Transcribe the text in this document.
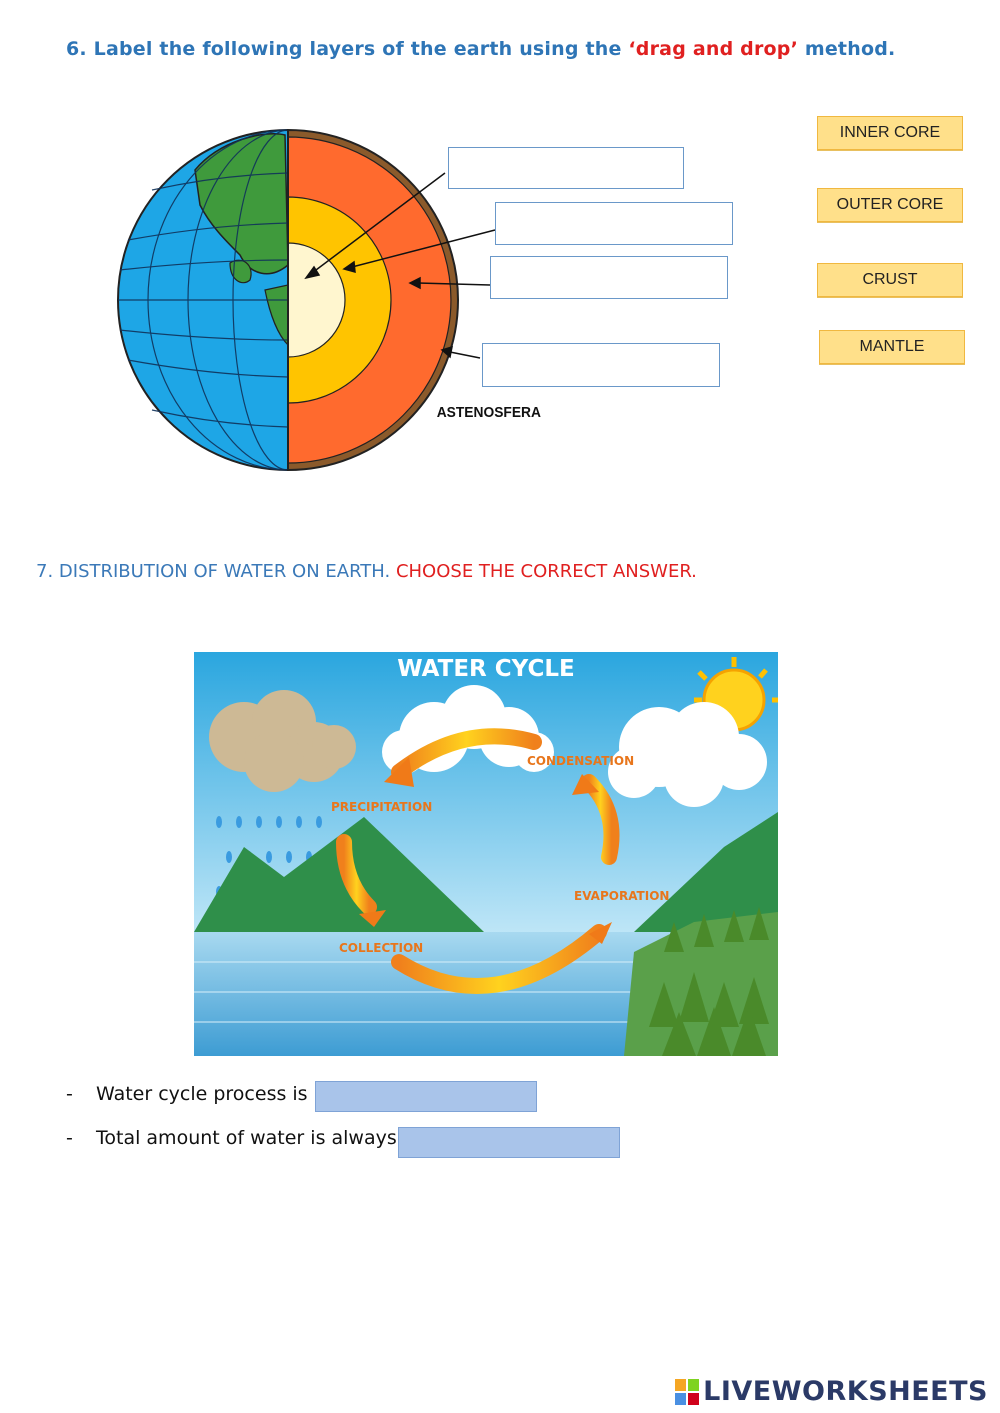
6. Label the following layers of the earth using the ‘drag and drop’ method.
ASTENOSFERA
INNER CORE
OUTER CORE
CRUST
MANTLE
7. DISTRIBUTION OF WATER ON EARTH. CHOOSE THE CORRECT ANSWER.
WATER CYCLE
CONDENSATION
PRECIPITATION
EVAPORATION
COLLECTION
- Water cycle process is
- Total amount of water is always
LIVEWORKSHEETS
